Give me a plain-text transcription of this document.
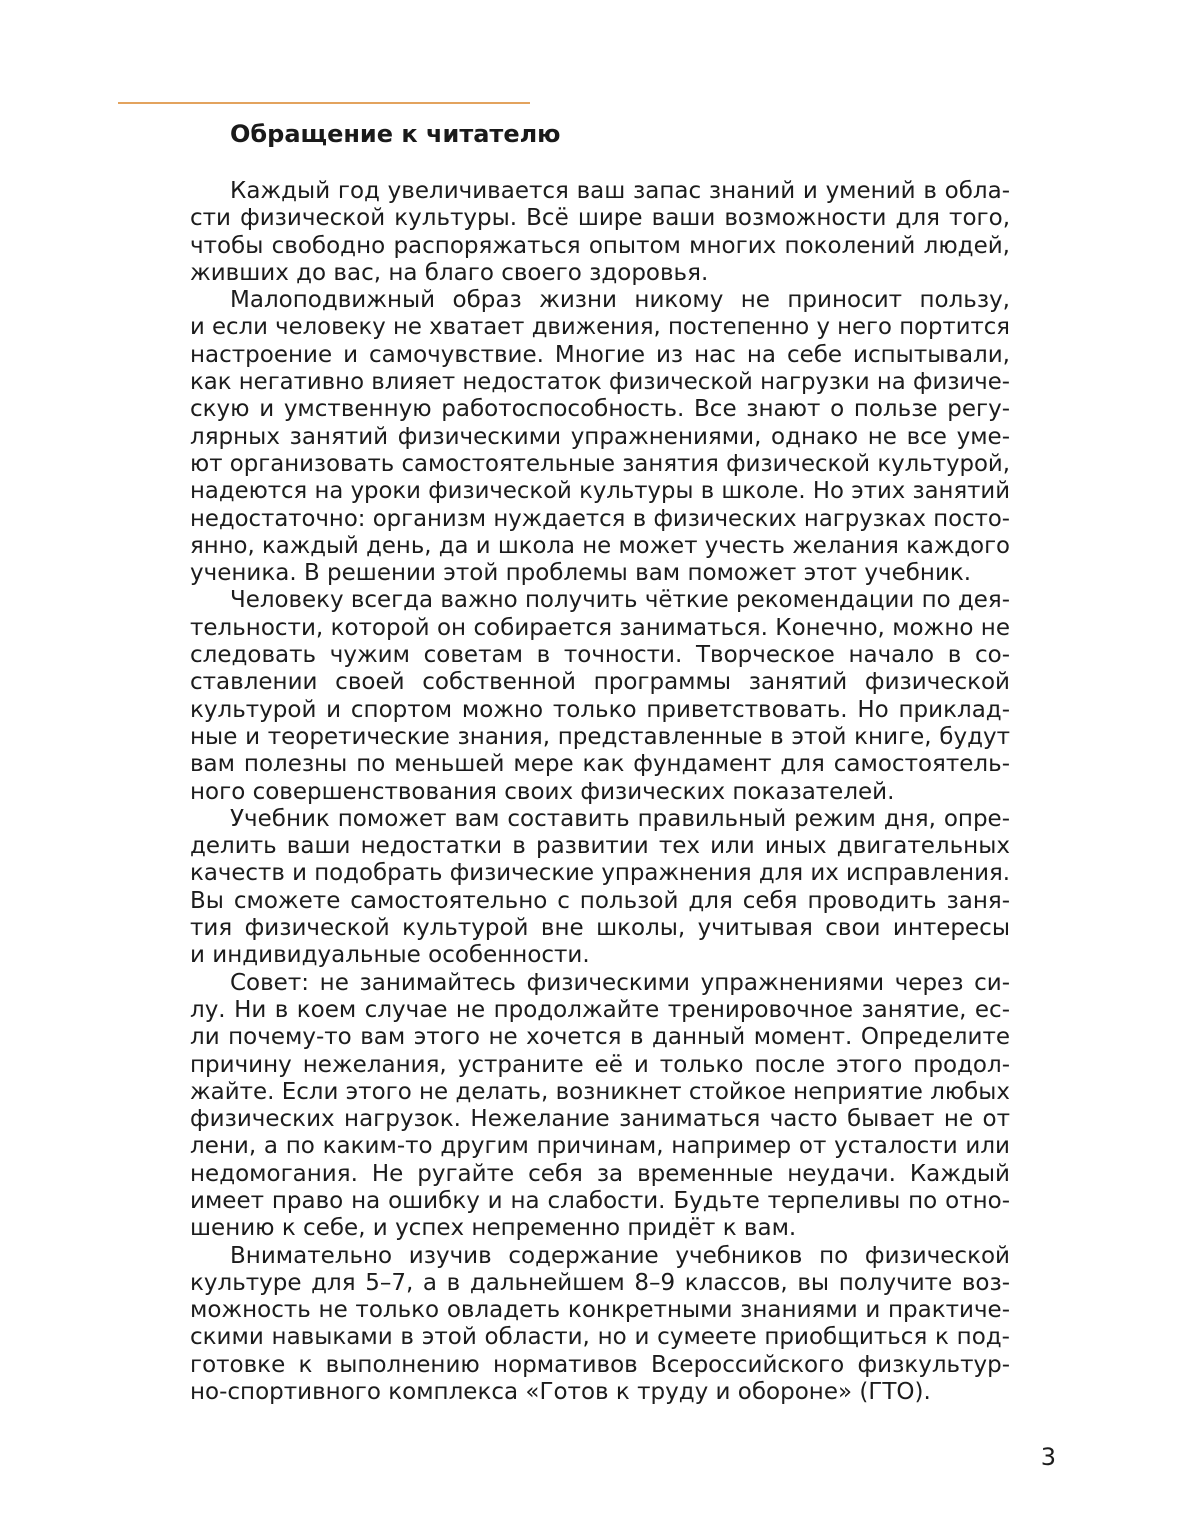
Обращение к читателю

Каждый год увеличивается ваш запас знаний и умений в обла-
сти физической культуры. Всё шире ваши возможности для того,
чтобы свободно распоряжаться опытом многих поколений людей,
живших до вас, на благо своего здоровья.

Малоподвижный образ жизни никому не приносит пользу,
и если человеку не хватает движения, постепенно у него портится
настроение и самочувствие. Многие из нас на себе испытывали,
как негативно влияет недостаток физической нагрузки на физиче-
скую и умственную работоспособность. Все знают о пользе регу-
лярных занятий физическими упражнениями, однако не все уме-
ют организовать самостоятельные занятия физической культурой,
надеются на уроки физической культуры в школе. Но этих занятий
недостаточно: организм нуждается в физических нагрузках посто-
янно, каждый день, да и школа не может учесть желания каждого
ученика. В решении этой проблемы вам поможет этот учебник.

Человеку всегда важно получить чёткие рекомендации по дея-
тельности, которой он собирается заниматься. Конечно, можно не
следовать чужим советам в точности. Творческое начало в со-
ставлении своей собственной программы занятий физической
культурой и спортом можно только приветствовать. Но приклад-
ные и теоретические знания, представленные в этой книге, будут
вам полезны по меньшей мере как фундамент для самостоятель-
ного совершенствования своих физических показателей.

Учебник поможет вам составить правильный режим дня, опре-
делить ваши недостатки в развитии тех или иных двигательных
качеств и подобрать физические упражнения для их исправления.
Вы сможете самостоятельно с пользой для себя проводить заня-
тия физической культурой вне школы, учитывая свои интересы
и индивидуальные особенности.

Совет: не занимайтесь физическими упражнениями через си-
лу. Ни в коем случае не продолжайте тренировочное занятие, ес-
ли почему-то вам этого не хочется в данный момент. Определите
причину нежелания, устраните её и только после этого продол-
жайте. Если этого не делать, возникнет стойкое неприятие любых
физических нагрузок. Нежелание заниматься часто бывает не от
лени, а по каким-то другим причинам, например от усталости или
недомогания. Не ругайте себя за временные неудачи. Каждый
имеет право на ошибку и на слабости. Будьте терпеливы по отно-
шению к себе, и успех непременно придёт к вам.

Внимательно изучив содержание учебников по физической
культуре для 5–7, а в дальнейшем 8–9 классов, вы получите воз-
можность не только овладеть конкретными знаниями и практиче-
скими навыками в этой области, но и сумеете приобщиться к под-
готовке к выполнению нормативов Всероссийского физкультур-
но-спортивного комплекса «Готов к труду и обороне» (ГТО).

3
